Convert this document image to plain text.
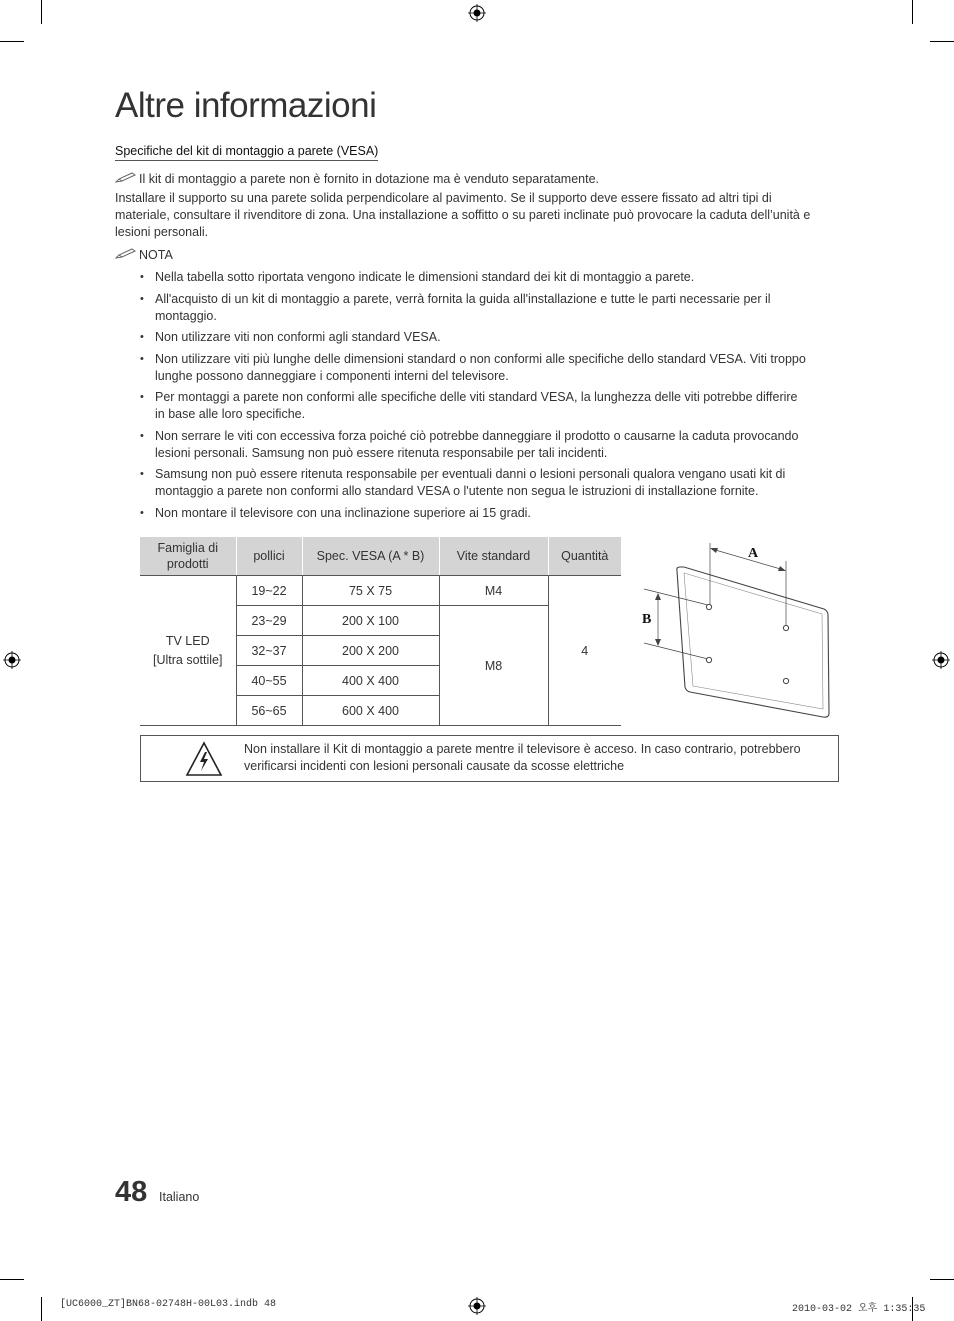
Altre informazioni
Specifiche del kit di montaggio a parete (VESA)
Il kit di montaggio a parete non è fornito in dotazione ma è venduto separatamente.
Installare il supporto su una parete solida perpendicolare al pavimento. Se il supporto deve essere fissato ad altri tipi di
materiale, consultare il rivenditore di zona. Una installazione a soffitto o su pareti inclinate può provocare la caduta dell’unità e
lesioni personali.
NOTA
• Nella tabella sotto riportata vengono indicate le dimensioni standard dei kit di montaggio a parete.
• All'acquisto di un kit di montaggio a parete, verrà fornita la guida all'installazione e tutte le parti necessarie per il
montaggio.
• Non utilizzare viti non conformi agli standard VESA.
• Non utilizzare viti più lunghe delle dimensioni standard o non conformi alle specifiche dello standard VESA. Viti troppo
lunghe possono danneggiare i componenti interni del televisore.
• Per montaggi a parete non conformi alle specifiche delle viti standard VESA, la lunghezza delle viti potrebbe differire
in base alle loro specifiche.
• Non serrare le viti con eccessiva forza poiché ciò potrebbe danneggiare il prodotto o causarne la caduta provocando
lesioni personali. Samsung non può essere ritenuta responsabile per tali incidenti.
• Samsung non può essere ritenuta responsabile per eventuali danni o lesioni personali qualora vengano usati kit di
montaggio a parete non conformi allo standard VESA o l'utente non segua le istruzioni di installazione fornite.
• Non montare il televisore con una inclinazione superiore ai 15 gradi.
Famiglia di prodotti	pollici	Spec. VESA (A * B)	Vite standard	Quantità

TV LED
[Ultra sottile]	19~22	75 X 75	M4	4
	23~29	200 X 100	M8	
	32~37	200 X 200		
	40~55	400 X 400		
	56~65	600 X 400		
A
B
Non installare il Kit di montaggio a parete mentre il televisore è acceso. In caso contrario, potrebbero verificarsi incidenti con lesioni personali causate da scosse elettriche
48 Italiano
[UC6000_ZT]BN68-02748H-00L03.indb 48	2010-03-02 오후 1:35:35
